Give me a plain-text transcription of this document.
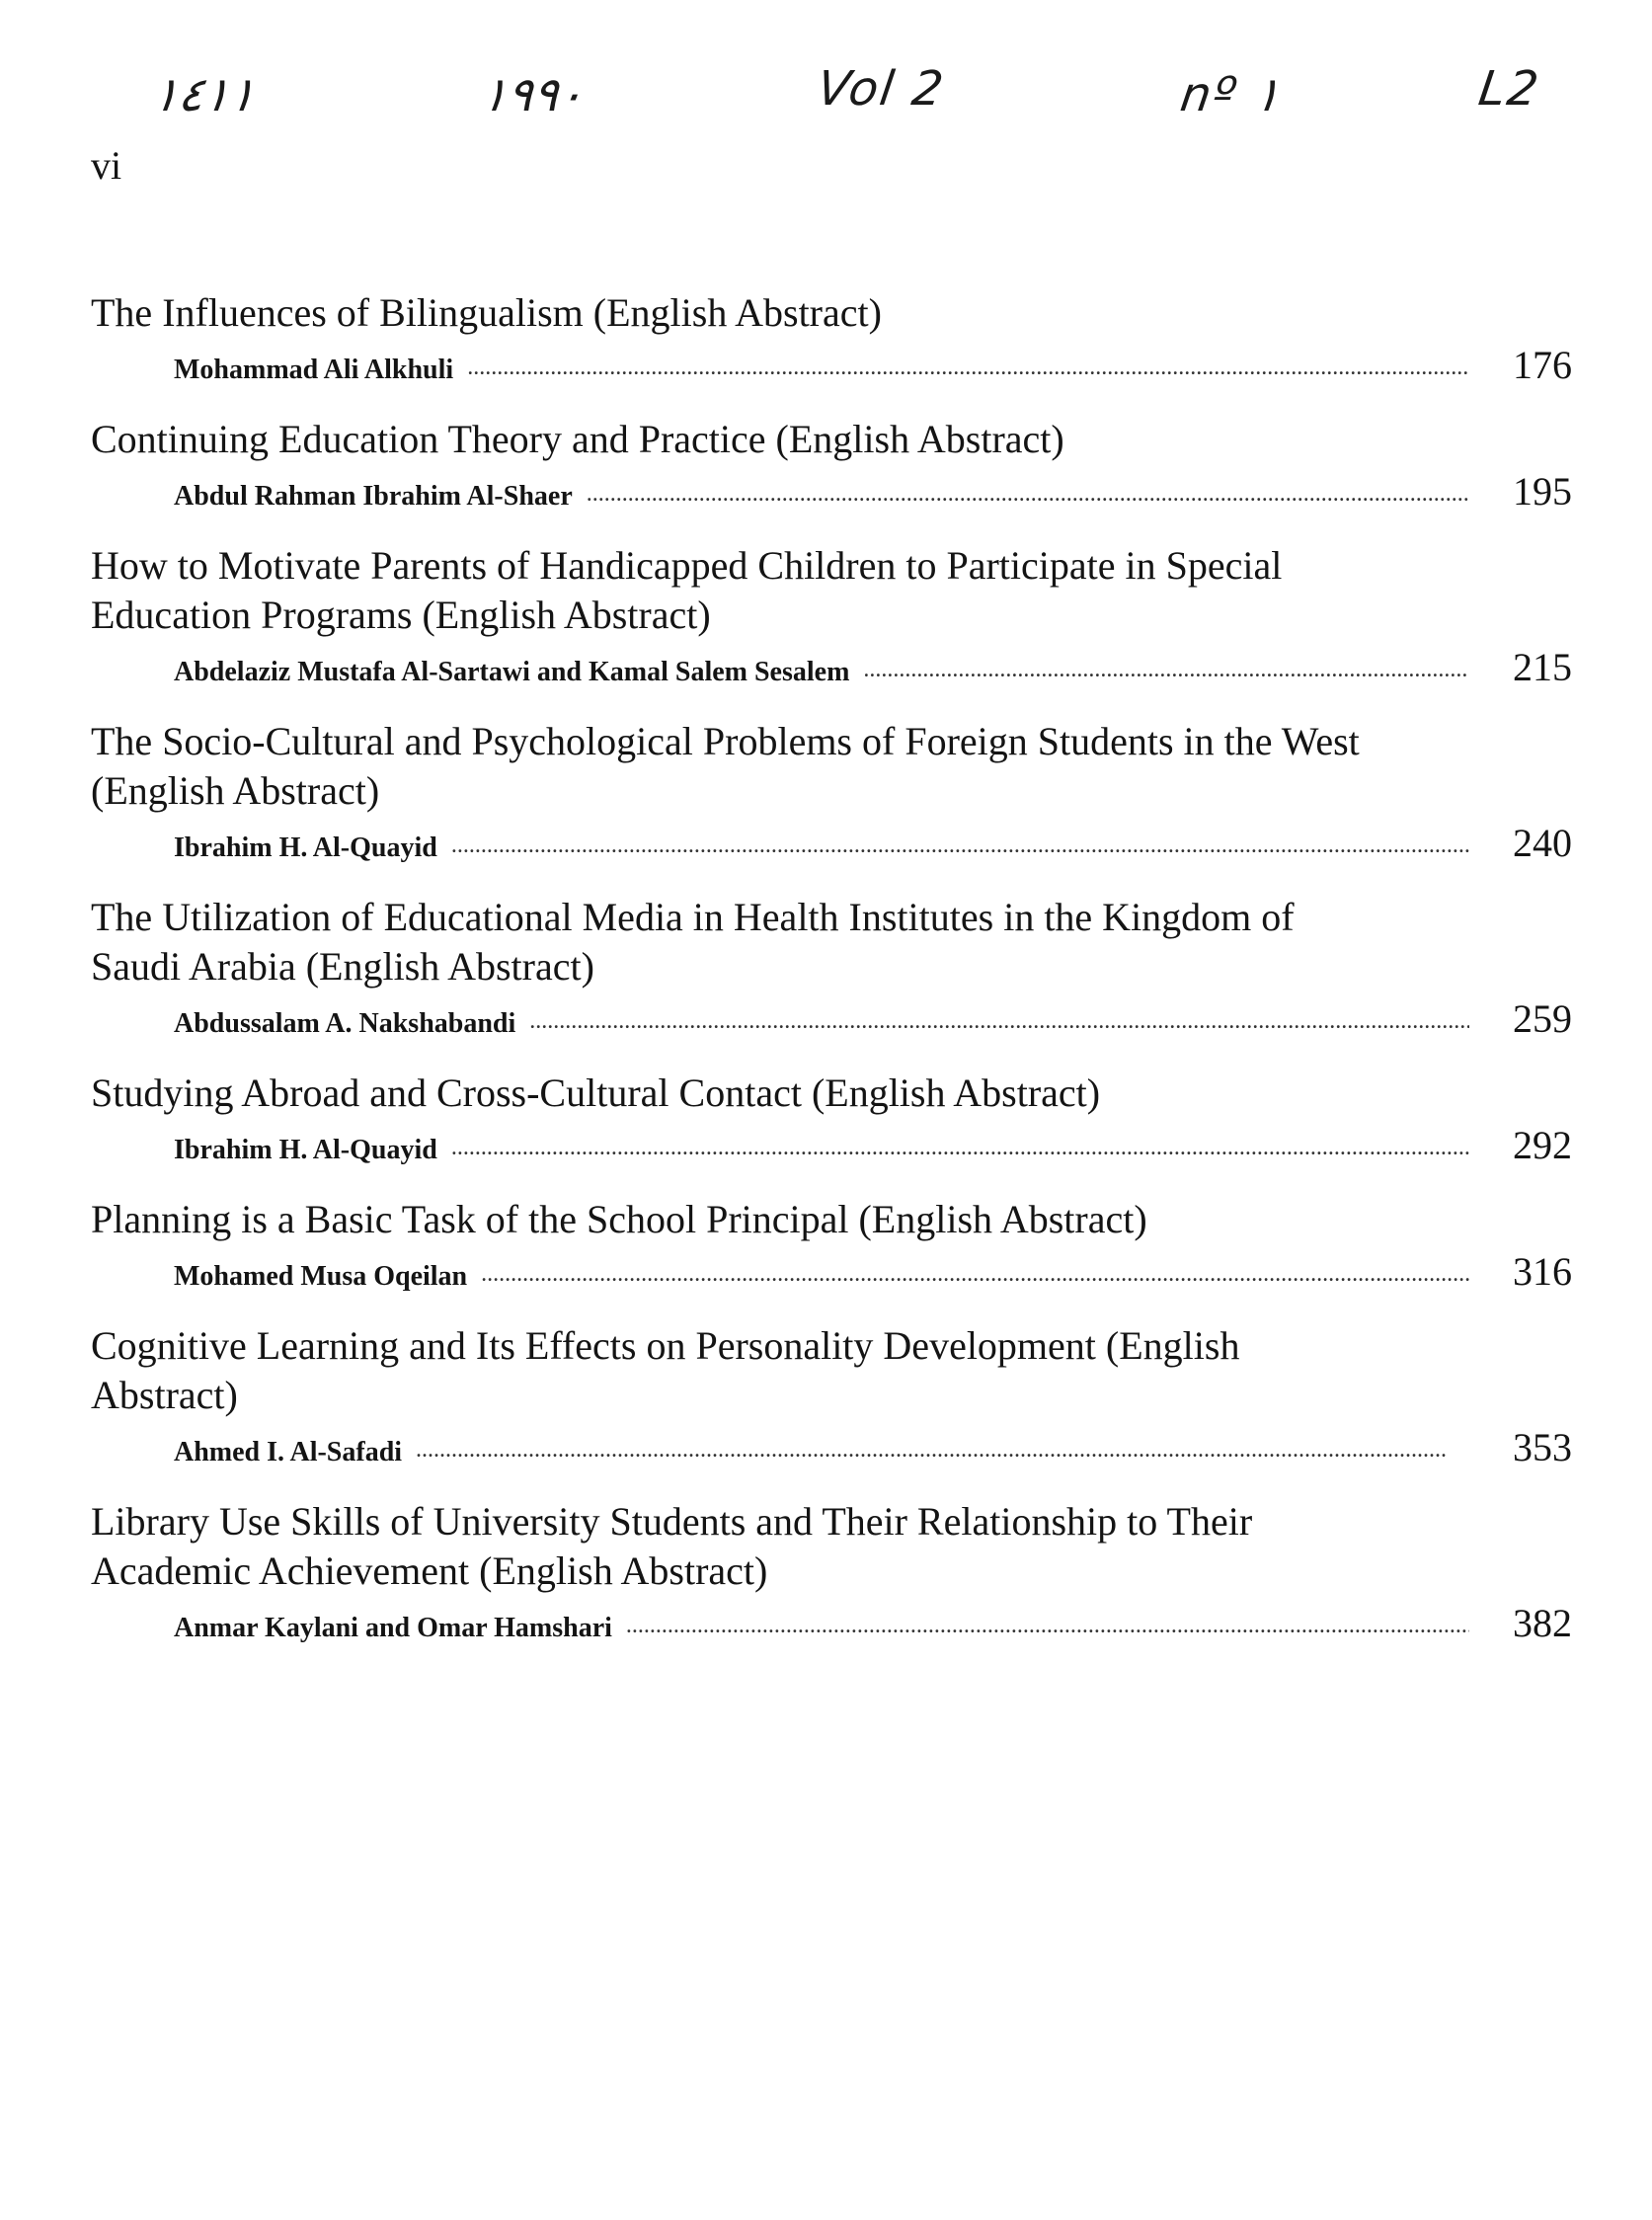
١٤١١	١٩٩٠	Vol 2	nº ١	L2
vi

The Influences of Bilingualism (English Abstract)

Mohammad Ali Alkhuli . . .	176

Continuing Education Theory and Practice (English Abstract)

Abdul Rahman Ibrahim Al-Shaer . . .	195

How to Motivate Parents of Handicapped Children to Participate in Special Education Programs (English Abstract)

Abdelaziz Mustafa Al-Sartawi and Kamal Salem Sesalem . . .	215

The Socio-Cultural and Psychological Problems of Foreign Students in the West (English Abstract)

Ibrahim H. Al-Quayid . . .	240

The Utilization of Educational Media in Health Institutes in the Kingdom of Saudi Arabia (English Abstract)

Abdussalam A. Nakshabandi . . .	259

Studying Abroad and Cross-Cultural Contact (English Abstract)

Ibrahim H. Al-Quayid . . .	292

Planning is a Basic Task of the School Principal (English Abstract)

Mohamed Musa Oqeilan . . .	316

Cognitive Learning and Its Effects on Personality Development (English Abstract)

Ahmed I. Al-Safadi . . .	353

Library Use Skills of University Students and Their Relationship to Their Academic Achievement (English Abstract)

Anmar Kaylani and Omar Hamshari . . .	382
